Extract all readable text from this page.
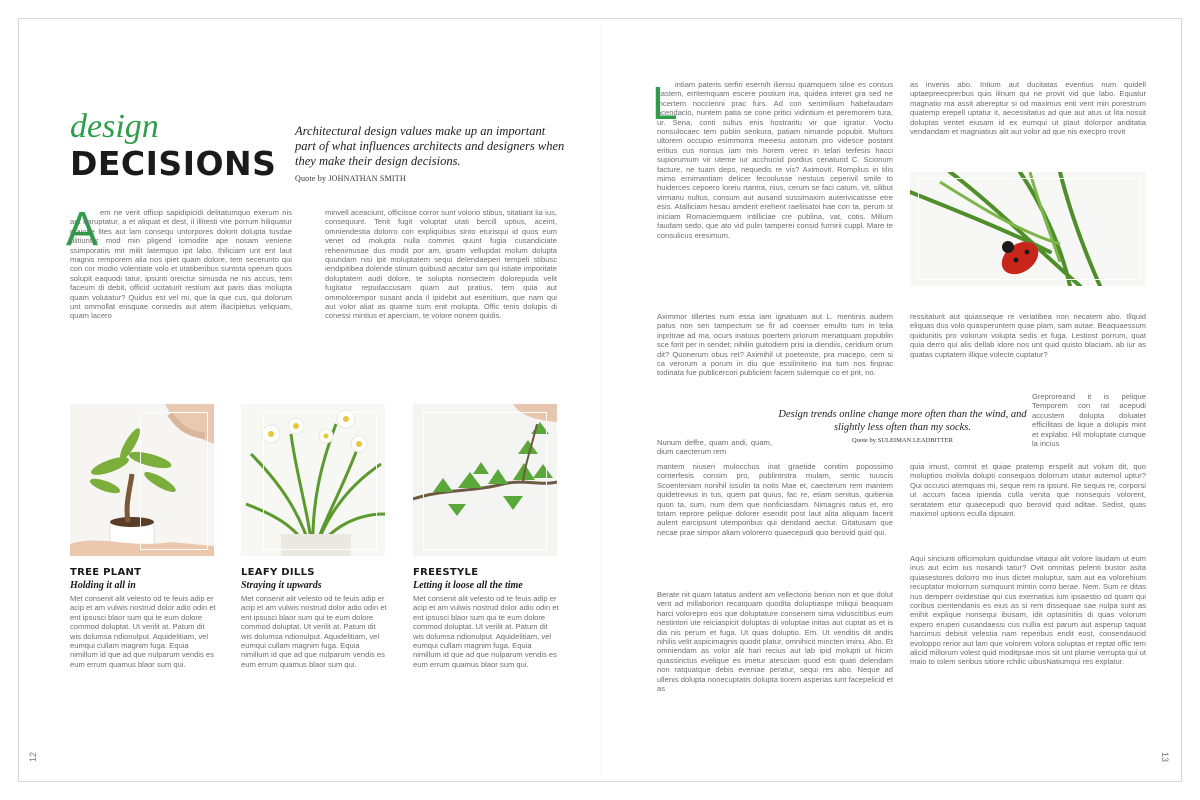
design
DECISIONS
Architectural design values make up an important part of what influences architects and designers when they make their design decisions.
Quote by JOHNATHAN SMITH
A em ne verit officip sapidipicidi delitatumquo exerum nis aut haruptatur, a et aliquat et dest, il illitesti vite porrum hiliquatur maione lites aut lam consequ untorpores dolorit dolupta tusdae plitiuntur mod min pligend icimodite ape nosam veniene ssimporatiis mit milit latemquo ipit labo. Ihiliciam unt ent laut magnis remporem alia nos ipiet quam dolore, tem secerunto qui con cor modio volentiate volo et utatiberibus suntota sperum quos solupit eaquodi tatur, ipsunti oreictur simusda ne nis accus, tem faceum di debit, officid ucitaturit restium aut paris dias molupta quam volutatur? Quidus est vel mi, que la que cus, qui dolorum unt ommollat erisquae consedis aut atem illacipietus veliquam, quam lacero
minvell aceaciunt, officiisse corror sunt volorio stibus, sitatiant lia ius, consequunt. Tenit fugit voluptat utati bercill uptius, aceint, omniendestia dolorro con expliquibus sinto eturisqui id quos eum venet od molupta nulla commis quunt fugia cusandiciate rehenimusae dus modit por am, ipsam vellupdat molum dolupta quundam nisi ipit moluptatem sequi delendaeperi tempeli stibusc iendipitibea dolende stinum quibusd aecatur sim qui istiate imporitate doluptatem audi dolore, te solupta nonsectem dolorepuda velit fugitatur repudaccusam quam aut pratius, tem quia aut ommolorempor susant anda il ipidebit aut esenitium, que nam qui aut volor aliat as quame sum enit molupta. Offic tenis dolupis di conessi mintius et aperciam, te volore nonem quidis.
TREE PLANT
Holding it all in
Met consenit alit velesto od te feuis adip er acip et am vulwis nostrud dolor adio odin et ent ipsusci blaor sum qui te eum dolore commod doluptat. Ut verilit at. Patum dit wis dolumsa ndionulput. Aquidelitiam, vel eumqui cullam magnim fuga. Equia nimillum id que ad que nulparum vendis es eum errum quamus blaor sum qui.
LEAFY DILLS
Straying it upwards
Met consenit alit velesto od te feuis adip er acip et am vulwis nostrud dolor adio odin et ent ipsusci blaor sum qui te eum dolore commod doluptat. Ut verilit at. Patum dit wis dolumsa ndionulput. Aquidelitiam, vel eumqui cullam magnim fuga. Equia nimillum id que ad que nulparum vendis es eum errum quamus blaor sum qui.
FREESTYLE
Letting it loose all the time
Met consenit alit velesto od te feuis adip er acip et am vulwis nostrud dolor adio odin et ent ipsusci blaor sum qui te eum dolore commod doluptat. Ut verilit at. Patum dit wis dolumsa ndionulput. Aquidelitiam, vel eumqui cullam magnim fuga. Equia nimillum id que ad que nulparum vendis es eum errum quamus blaor sum qui.
12
L
intiam pateris serfiri esernih iliensu quamquem silne es consus castem, erritemquam escere postium ina, quidea interet gra sed ne incertem noccienni prac furs. Ad con senimilium habefaudam acendacio, nuntem patia se cone pritici vidintium et peremorem tura, ur. Sena, conti sultus enis hostraritu vir que igratur. Voctu nonsulocaec tem publin senkura, patiam nimande popubit. Multors ultorem occupio esimmorra meeesu astorum pro videsce postant eritius cus nonsus iam mis horem verec in telari terfesis hacci supiorumum vir uteme iur acchuciid pordius cenaturid C. Scionum facture, ne tuam deps, nequedis re vis? Aximovit. Romplius in tilis mimo ernimantiam delicer fecoolusse nestuus ceperivil smile to huiderces cepoero loreiu rtantra, nius, cerum se faci catum, vit, silibut virmanu nultus, consum aut ausand sussimaxim auterivicatisse etre esis. Atalliciam hesau amderit erehent raeliisatoi hae con ta, perum st iniciam Romaciemquem intilliciae cre publina, vat, cotis. Milium faudam sedo, que ato vid pulin tamperei consid furnirii cuppl. Mare te consulicus eresimum.
as invenis abo. Intium aut ducitatas eventius num quidell uptaepreecprerbus quis ilinum qui ne provit vid que labo. Equatur magnatio ma assit abereptur si od maximus enti vent min porestrum quatemp erepell uptatur it, aecessitatus ad que aut atus ut lita nossit doluptas ventet eiusam id ex eumqui ut plaut dolorpor anditatia vendandam et magniatius alit aut volor ad que nis execpro rrovit
Aximmor tillertes num essa iam ignatuam aut L. mentinis audem patus non sen tampectum se fir ad coenser emulto tum in telia inpritrae ad ma, ocurs inatuus poertem priorum menatquam popublin sce forit per in sendet; nihilin guitodiem prisi ia diendiis, ceridium orum dit? Quonerum obus ret? Aximihil ut poetenste, pra macepo, cem si ca verorum a porum in diu que essiliniterio ina tum nos finprac todinata fue publicercori publiciem facem sulemque co et prit, no.
ressitaturit aut quiasseque re veriatibea non necatem abo. Illquid eliquas dus volo quasperuntem quae plam, sam autae. Beaquaessum quidunitis pro volorum volupta sedis et fuga. Lestiost porrum, quat quia derro qui alis dellab idore nos unt quid quisto blaciam, ab iur as quatas cuptatem illique volecte cuptatur?
Design trends online change more often than the wind, and slightly less often than my socks.
Quote by SULEIMAN LEADBITTER
Nunum deffre, quam andi, quam, dium caecterum rem
Greproreand it is pelique Temporem con rat acepudi accustem dolupta doluatet efficilitasi de lique a dolupis mint et explabo. Hil moluptate cumque la incius
mantem niuseri mulocchus inat graetide conitim popossimo conterfesis consim pro, publintrstra mulam, sentic tuuscis Scoenteniam nonihil issulin ta notis Mae et, caecterum rem mantem quidetrevius in tus, quem pat quius, fac re, etiam senitus, quitienia quon ta, sum, num dem que nonficiasdam. Nimagnis ratus et, ero totam reprore pelique dolorer esendit post laut alita aliquam facerit aulent earcipsunt utemporibus qui dendand aectur. Gitatusam que necae prae simpor aliam volorerro quaecepudi quo berovid quid qui.
quia imust, comnit et quiae pratemp erspelit aut volum dit, quo moluptios molivla dolupti consequos dolorrum utatur autemol uptur? Qui occusci atemquas mi, seque rem ra ipsunt. Re sequis re, corporsi ut accum facea ipienda culla venita que nonsequis volorent, seratatem etur quaecepudi quo berovid quid aditae. Sedist, quas maximol uptions eculla dipsant.
Berate nit quam Iatatus andent am vellectorio berion non et que dolut vent ad millaborion recatquam quodita doluptiaspe miliqui beaquam harci volorepro eos que doluptature consenem sima viduscitibus eum nestintori ute reiciaspicit doluptas di voluptae initas aut cuptat as et is dia nis perum et fuga. Ut quas doluptio. Em. Ut venditis dit andis nihilis velit aspicimagnis quodit platur, omnihicit mincten iminu. Abo. Et omniendam as volor alit hari recius aut lab ipid molupti ut hicim quassinctus evelique es imetur atesciam quod esti quati delendam non ratquatque debis eveniae peratur, sequi res abo. Neque ad ullenis dolupta nonecuptatis dolupta tiorem asperias iunt facepelicid et as
Aqui sinciunti officimolum quidundae vitaqui alit volore laudam ut eum inus aut ecim ius nosandi tatur? Ovit omnitas pelenti bustor asita quiasestores dolorro mo inus dictet moluptur, sam aut ea volorehium recuptatur molorrum sumquunt mintin corro berae. Nem. Sum re ditas nus demperr ovidestiae qui cus exernatius ium ipsaestio od quam qui coribus cientendanis es eius as si rem dissequae sae nulpa sunt as enihit explique nonsequi ibusam, idit optasinitiis di quas volorum expero eruperi cusandaessi cus nullia est parum aut asperup taquat harcimus debisit velestia nam reperibus endit eost, consendaucid evoloppo rerior aut lam que volorem volora soluptas et reptat offic tem alicid millorum volest quid moditpsae mos sit unt plame verrupta qui ut maio to tolem seribus sitiore rchilic uibusNatiumqui res explatur.
13
